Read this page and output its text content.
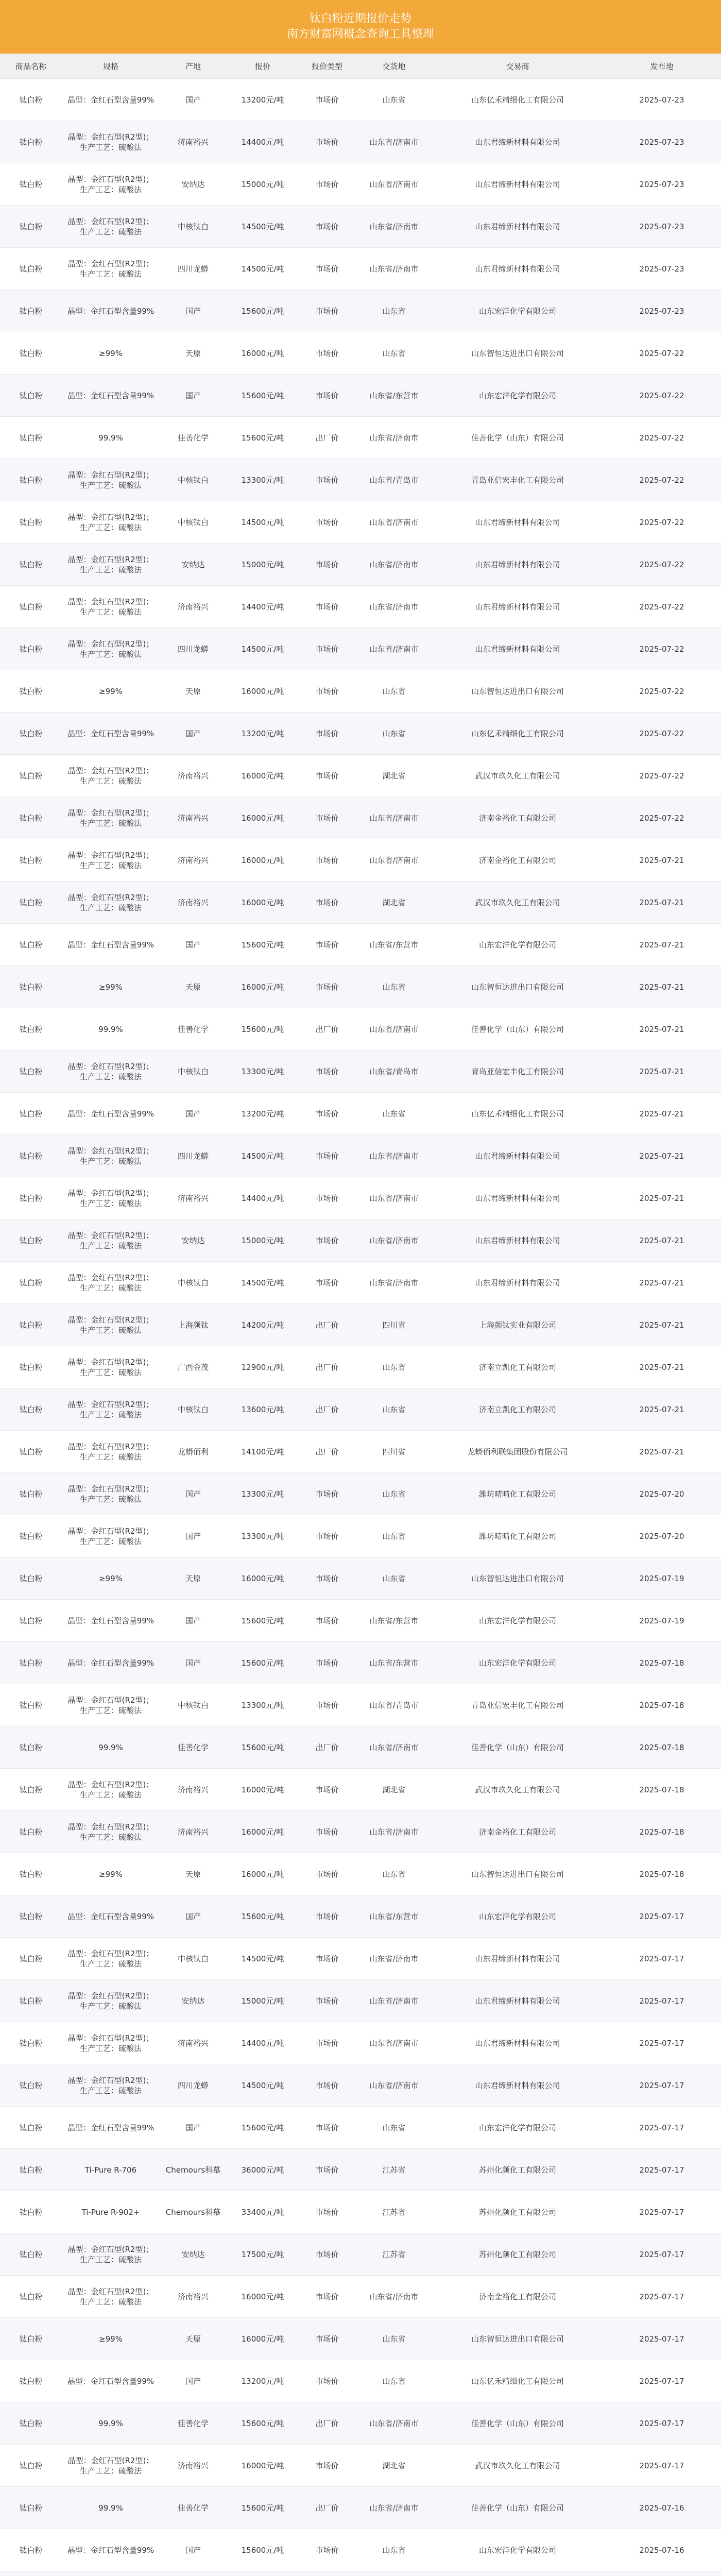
钛白粉近期报价走势
南方财富网概念查询工具整理
商品名称	规格	产地	报价	报价类型	交货地	交易商	发布地
钛白粉	晶型：金红石型含量99%	国产	13200元/吨	市场价	山东省	山东亿禾精细化工有限公司	2025-07-23
钛白粉	晶型：金红石型(R2型)；生产工艺：硫酸法	济南裕兴	14400元/吨	市场价	山东省/济南市	山东君缔新材料有限公司	2025-07-23
钛白粉	晶型：金红石型(R2型)；生产工艺：硫酸法	安纳达	15000元/吨	市场价	山东省/济南市	山东君缔新材料有限公司	2025-07-23
钛白粉	晶型：金红石型(R2型)；生产工艺：硫酸法	中核钛白	14500元/吨	市场价	山东省/济南市	山东君缔新材料有限公司	2025-07-23
钛白粉	晶型：金红石型(R2型)；生产工艺：硫酸法	四川龙蟒	14500元/吨	市场价	山东省/济南市	山东君缔新材料有限公司	2025-07-23
钛白粉	晶型：金红石型含量99%	国产	15600元/吨	市场价	山东省	山东宏洋化学有限公司	2025-07-23
钛白粉	≥99%	天原	16000元/吨	市场价	山东省	山东智恒达进出口有限公司	2025-07-22
钛白粉	晶型：金红石型含量99%	国产	15600元/吨	市场价	山东省/东营市	山东宏洋化学有限公司	2025-07-22
钛白粉	99.9%	佳善化学	15600元/吨	出厂价	山东省/济南市	佳善化学（山东）有限公司	2025-07-22
钛白粉	晶型：金红石型(R2型)；生产工艺：硫酸法	中核钛白	13300元/吨	市场价	山东省/青岛市	青岛亚信宏丰化工有限公司	2025-07-22
钛白粉	晶型：金红石型(R2型)；生产工艺：硫酸法	中核钛白	14500元/吨	市场价	山东省/济南市	山东君缔新材料有限公司	2025-07-22
钛白粉	晶型：金红石型(R2型)；生产工艺：硫酸法	安纳达	15000元/吨	市场价	山东省/济南市	山东君缔新材料有限公司	2025-07-22
钛白粉	晶型：金红石型(R2型)；生产工艺：硫酸法	济南裕兴	14400元/吨	市场价	山东省/济南市	山东君缔新材料有限公司	2025-07-22
钛白粉	晶型：金红石型(R2型)；生产工艺：硫酸法	四川龙蟒	14500元/吨	市场价	山东省/济南市	山东君缔新材料有限公司	2025-07-22
钛白粉	≥99%	天原	16000元/吨	市场价	山东省	山东智恒达进出口有限公司	2025-07-22
钛白粉	晶型：金红石型含量99%	国产	13200元/吨	市场价	山东省	山东亿禾精细化工有限公司	2025-07-22
钛白粉	晶型：金红石型(R2型)；生产工艺：硫酸法	济南裕兴	16000元/吨	市场价	湖北省	武汉市玖久化工有限公司	2025-07-22
钛白粉	晶型：金红石型(R2型)；生产工艺：硫酸法	济南裕兴	16000元/吨	市场价	山东省/济南市	济南金裕化工有限公司	2025-07-22
钛白粉	晶型：金红石型(R2型)；生产工艺：硫酸法	济南裕兴	16000元/吨	市场价	山东省/济南市	济南金裕化工有限公司	2025-07-21
钛白粉	晶型：金红石型(R2型)；生产工艺：硫酸法	济南裕兴	16000元/吨	市场价	湖北省	武汉市玖久化工有限公司	2025-07-21
钛白粉	晶型：金红石型含量99%	国产	15600元/吨	市场价	山东省/东营市	山东宏洋化学有限公司	2025-07-21
钛白粉	≥99%	天原	16000元/吨	市场价	山东省	山东智恒达进出口有限公司	2025-07-21
钛白粉	99.9%	佳善化学	15600元/吨	出厂价	山东省/济南市	佳善化学（山东）有限公司	2025-07-21
钛白粉	晶型：金红石型(R2型)；生产工艺：硫酸法	中核钛白	13300元/吨	市场价	山东省/青岛市	青岛亚信宏丰化工有限公司	2025-07-21
钛白粉	晶型：金红石型含量99%	国产	13200元/吨	市场价	山东省	山东亿禾精细化工有限公司	2025-07-21
钛白粉	晶型：金红石型(R2型)；生产工艺：硫酸法	四川龙蟒	14500元/吨	市场价	山东省/济南市	山东君缔新材料有限公司	2025-07-21
钛白粉	晶型：金红石型(R2型)；生产工艺：硫酸法	济南裕兴	14400元/吨	市场价	山东省/济南市	山东君缔新材料有限公司	2025-07-21
钛白粉	晶型：金红石型(R2型)；生产工艺：硫酸法	安纳达	15000元/吨	市场价	山东省/济南市	山东君缔新材料有限公司	2025-07-21
钛白粉	晶型：金红石型(R2型)；生产工艺：硫酸法	中核钛白	14500元/吨	市场价	山东省/济南市	山东君缔新材料有限公司	2025-07-21
钛白粉	晶型：金红石型(R2型)；生产工艺：硫酸法	上海颜钛	14200元/吨	出厂价	四川省	上海颜钛实业有限公司	2025-07-21
钛白粉	晶型：金红石型(R2型)；生产工艺：硫酸法	广西金茂	12900元/吨	出厂价	山东省	济南立凯化工有限公司	2025-07-21
钛白粉	晶型：金红石型(R2型)；生产工艺：硫酸法	中核钛白	13600元/吨	出厂价	山东省	济南立凯化工有限公司	2025-07-21
钛白粉	晶型：金红石型(R2型)；生产工艺：硫酸法	龙蟒佰利	14100元/吨	出厂价	四川省	龙蟒佰利联集团股份有限公司	2025-07-21
钛白粉	晶型：金红石型(R2型)；生产工艺：硫酸法	国产	13300元/吨	市场价	山东省	潍坊晴晴化工有限公司	2025-07-20
钛白粉	晶型：金红石型(R2型)；生产工艺：硫酸法	国产	13300元/吨	市场价	山东省	潍坊晴晴化工有限公司	2025-07-20
钛白粉	≥99%	天原	16000元/吨	市场价	山东省	山东智恒达进出口有限公司	2025-07-19
钛白粉	晶型：金红石型含量99%	国产	15600元/吨	市场价	山东省/东营市	山东宏洋化学有限公司	2025-07-19
钛白粉	晶型：金红石型含量99%	国产	15600元/吨	市场价	山东省/东营市	山东宏洋化学有限公司	2025-07-18
钛白粉	晶型：金红石型(R2型)；生产工艺：硫酸法	中核钛白	13300元/吨	市场价	山东省/青岛市	青岛亚信宏丰化工有限公司	2025-07-18
钛白粉	99.9%	佳善化学	15600元/吨	出厂价	山东省/济南市	佳善化学（山东）有限公司	2025-07-18
钛白粉	晶型：金红石型(R2型)；生产工艺：硫酸法	济南裕兴	16000元/吨	市场价	湖北省	武汉市玖久化工有限公司	2025-07-18
钛白粉	晶型：金红石型(R2型)；生产工艺：硫酸法	济南裕兴	16000元/吨	市场价	山东省/济南市	济南金裕化工有限公司	2025-07-18
钛白粉	≥99%	天原	16000元/吨	市场价	山东省	山东智恒达进出口有限公司	2025-07-18
钛白粉	晶型：金红石型含量99%	国产	15600元/吨	市场价	山东省/东营市	山东宏洋化学有限公司	2025-07-17
钛白粉	晶型：金红石型(R2型)；生产工艺：硫酸法	中核钛白	14500元/吨	市场价	山东省/济南市	山东君缔新材料有限公司	2025-07-17
钛白粉	晶型：金红石型(R2型)；生产工艺：硫酸法	安纳达	15000元/吨	市场价	山东省/济南市	山东君缔新材料有限公司	2025-07-17
钛白粉	晶型：金红石型(R2型)；生产工艺：硫酸法	济南裕兴	14400元/吨	市场价	山东省/济南市	山东君缔新材料有限公司	2025-07-17
钛白粉	晶型：金红石型(R2型)；生产工艺：硫酸法	四川龙蟒	14500元/吨	市场价	山东省/济南市	山东君缔新材料有限公司	2025-07-17
钛白粉	晶型：金红石型含量99%	国产	15600元/吨	市场价	山东省	山东宏洋化学有限公司	2025-07-17
钛白粉	Ti-Pure R-706	Chemours科慕	36000元/吨	市场价	江苏省	苏州化颜化工有限公司	2025-07-17
钛白粉	Ti-Pure R-902+	Chemours科慕	33400元/吨	市场价	江苏省	苏州化颜化工有限公司	2025-07-17
钛白粉	晶型：金红石型(R2型)；生产工艺：硫酸法	安纳达	17500元/吨	市场价	江苏省	苏州化颜化工有限公司	2025-07-17
钛白粉	晶型：金红石型(R2型)；生产工艺：硫酸法	济南裕兴	16000元/吨	市场价	山东省/济南市	济南金裕化工有限公司	2025-07-17
钛白粉	≥99%	天原	16000元/吨	市场价	山东省	山东智恒达进出口有限公司	2025-07-17
钛白粉	晶型：金红石型含量99%	国产	13200元/吨	市场价	山东省	山东亿禾精细化工有限公司	2025-07-17
钛白粉	99.9%	佳善化学	15600元/吨	出厂价	山东省/济南市	佳善化学（山东）有限公司	2025-07-17
钛白粉	晶型：金红石型(R2型)；生产工艺：硫酸法	济南裕兴	16000元/吨	市场价	湖北省	武汉市玖久化工有限公司	2025-07-17
钛白粉	99.9%	佳善化学	15600元/吨	出厂价	山东省/济南市	佳善化学（山东）有限公司	2025-07-16
钛白粉	晶型：金红石型含量99%	国产	15600元/吨	市场价	山东省	山东宏洋化学有限公司	2025-07-16
